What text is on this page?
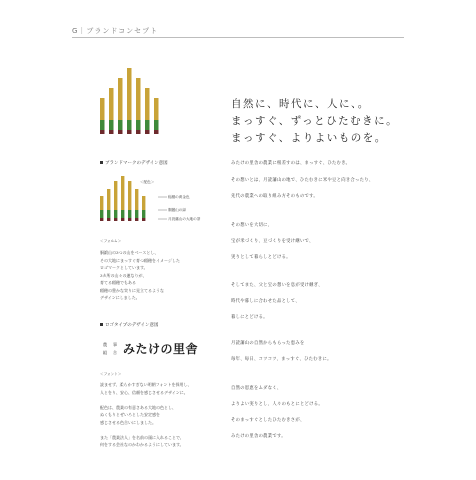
G｜ブランドコンセプト
自然に、時代に、人に、。
まっすぐ、ずっとひたむきに。
まっすぐ、よりよいものを。
ブランドマークのデザイン意図
＜配色＞
稲穂の黄金色
胴鍛山の緑
月読藩山の大地の茶
＜フォルム＞
胴鍛山の3つの山をベースとし、
その大地にまっすぐ育つ稲穂をイメージした
ロゴマークとしています。
3カ所の山々の連なりが、
育てる稲穂でもある
稲穂の豊かな実りに見立てるような
デザインにしました。
ロゴタイプのデザイン意図
農	事
組	合 みたけの里舎
＜フォント＞
読ませず、柔らかすぎない明朝フォントを採用し、
人とをり、安心、信頼を感じさせるデザインに。

配色は、農業の有意さある大地の色とし、
ぬくもりとぜいろとした安定感を
感じさせる色合いにしました。

また「農業法人」を名前の頭に入れることで、
何をする会社なのかわかるようにしています。
みたけの里舎の農業に根差すのは、まっすぐ、ひたむき。
その想いとは、月読藩山の地で、ひたむきに米や豆と向き合ったり、
先代の農業への取り組み方そのものです。
その想いを大切に、
宝が米づくり、豆づくりを受け継いで、
実りとして暮らしとどける。
そしてまた、父と宝の想いを息が受け継ぎ、
時代や暮しに合わせた品として、
暮しにとどける。
月読藩山の自然からもらった恵みを
毎年、毎日、コツコツ、まっすぐ、ひたむきに。
自然の恩恵をムダなく、
よりよい実りとし、人々のもとにとどける。
そのまっすぐとしたひたむきさが、
みたけの里舎の農業です。
